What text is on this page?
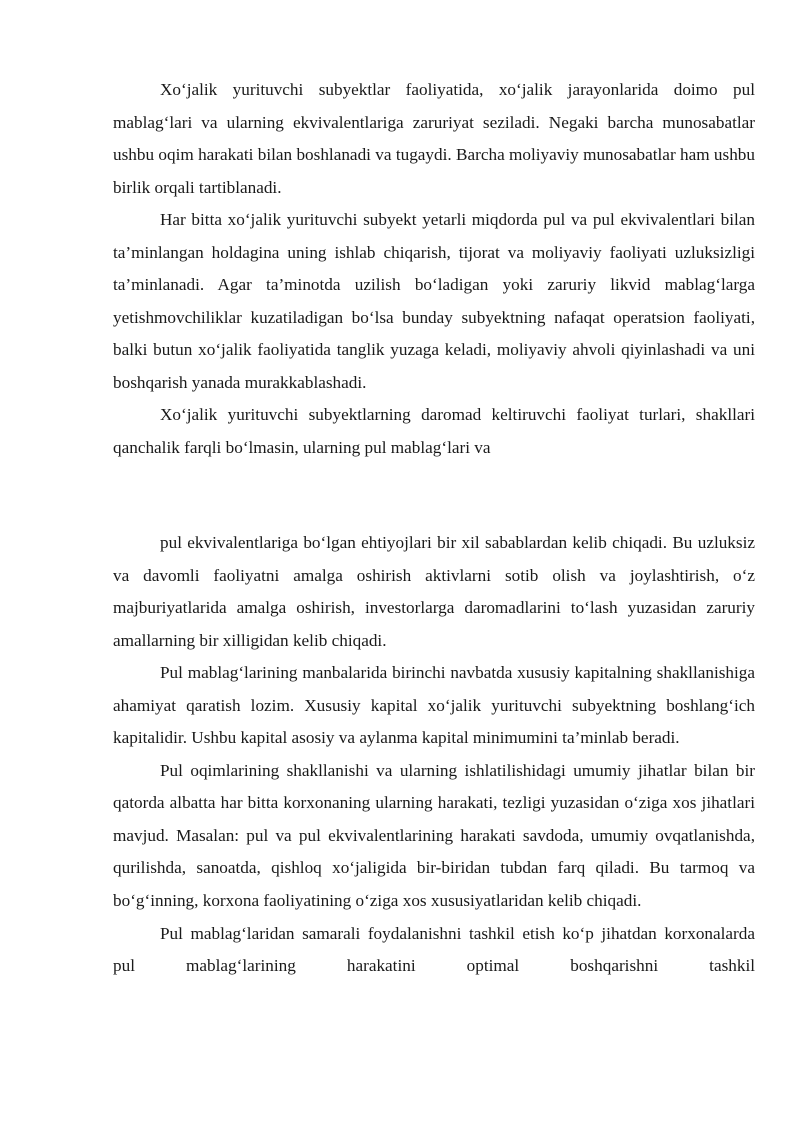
Xo‘jalik yurituvchi subyektlar faoliyatida, xo‘jalik jarayonlarida doimo pul mablag‘lari va ularning ekvivalentlariga zaruriyat seziladi. Negaki barcha munosabatlar ushbu oqim harakati bilan boshlanadi va tugaydi. Barcha moliyaviy munosabatlar ham ushbu birlik orqali tartiblanadi.

Har bitta xo‘jalik yurituvchi subyekt yetarli miqdorda pul va pul ekvivalentlari bilan ta’minlangan holdagina uning ishlab chiqarish, tijorat va moliyaviy faoliyati uzluksizligi ta’minlanadi. Agar ta’minotda uzilish bo‘ladigan yoki zaruriy likvid mablag‘larga yetishmovchiliklar kuzatiladigan bo‘lsa bunday subyektning nafaqat operatsion faoliyati, balki butun xo‘jalik faoliyatida tanglik yuzaga keladi, moliyaviy ahvoli qiyinlashadi va uni boshqarish yanada murakkablashadi.

Xo‘jalik yurituvchi subyektlarning daromad keltiruvchi faoliyat turlari, shakllari qanchalik farqli bo‘lmasin, ularning pul mablag‘lari va

pul ekvivalentlariga bo‘lgan ehtiyojlari bir xil sabablardan kelib chiqadi. Bu uzluksiz va davomli faoliyatni amalga oshirish aktivlarni sotib olish va joylashtirish, o‘z majburiyatlarida amalga oshirish, investorlarga daromadlarini to‘lash yuzasidan zaruriy amallarning bir xilligidan kelib chiqadi.

Pul mablag‘larining manbalarida birinchi navbatda xususiy kapitalning shakllanishiga ahamiyat qaratish lozim. Xususiy kapital xo‘jalik yurituvchi subyektning boshlang‘ich kapitalidir. Ushbu kapital asosiy va aylanma kapital minimumini ta’minlab beradi.

Pul oqimlarining shakllanishi va ularning ishlatilishidagi umumiy jihatlar bilan bir qatorda albatta har bitta korxonaning ularning harakati, tezligi yuzasidan o‘ziga xos jihatlari mavjud. Masalan: pul va pul ekvivalentlarining harakati savdoda, umumiy ovqatlanishda, qurilishda, sanoatda, qishloq xo‘jaligida bir-biridan tubdan farq qiladi. Bu tarmoq va bo‘g‘inning, korxona faoliyatining o‘ziga xos xususiyatlaridan kelib chiqadi.

Pul mablag‘laridan samarali foydalanishni tashkil etish ko‘p jihatdan korxonalarda pul mablag‘larining harakatini optimal boshqarishni tashkil
